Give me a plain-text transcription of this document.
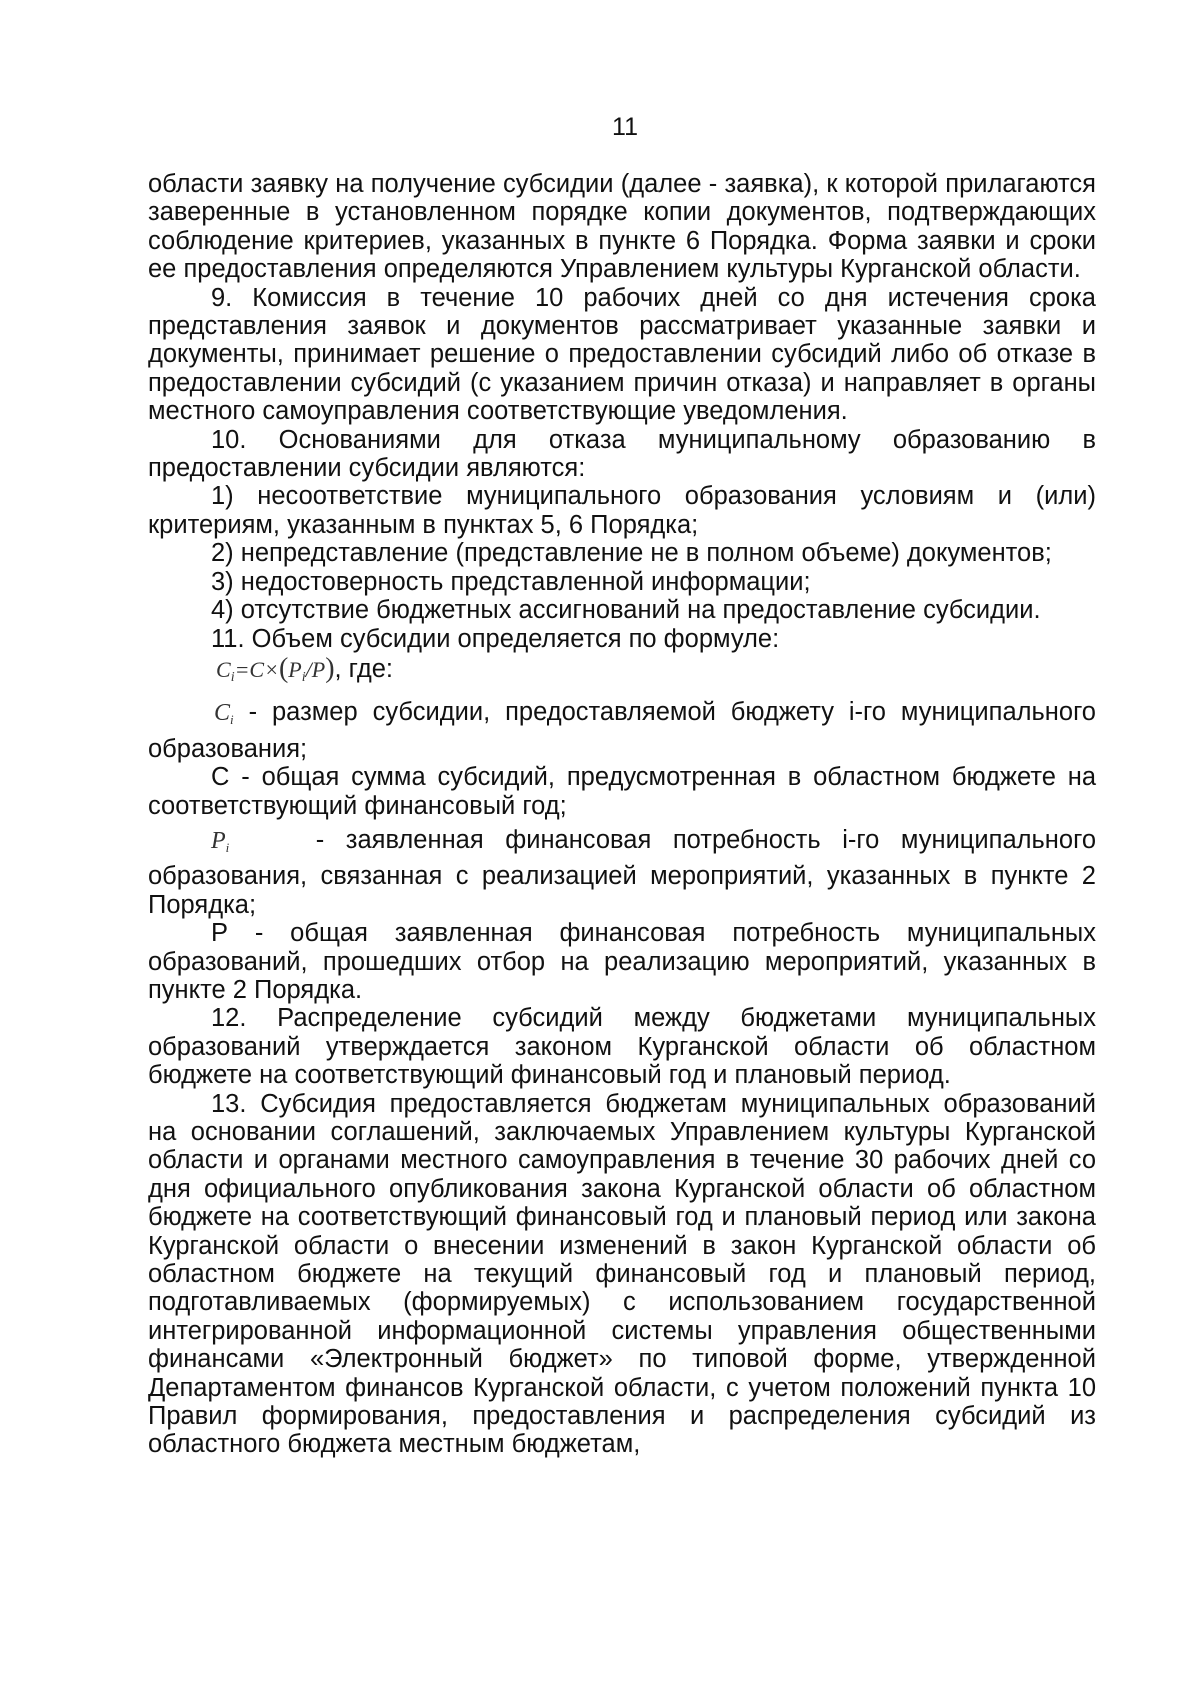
11

области заявку на получение субсидии (далее - заявка), к которой прилагаются заверенные в установленном порядке копии документов, подтверждающих соблюдение критериев, указанных в пункте 6 Порядка. Форма заявки и сроки ее предоставления определяются Управлением культуры Курганской области.

9. Комиссия в течение 10 рабочих дней со дня истечения срока представления заявок и документов рассматривает указанные заявки и документы, принимает решение о предоставлении субсидий либо об отказе в предоставлении субсидий (с указанием причин отказа) и направляет в органы местного самоуправления соответствующие уведомления.

10. Основаниями для отказа муниципальному образованию в предоставлении субсидии являются:

1) несоответствие муниципального образования условиям и (или) критериям, указанным в пунктах 5, 6 Порядка;

2) непредставление (представление не в полном объеме) документов;

3) недостоверность представленной информации;

4) отсутствие бюджетных ассигнований на предоставление субсидии.

11. Объем субсидии определяется по формуле:

$C_i=C\times(P_i/P)$ , где:

$C_i$ - размер субсидии, предоставляемой бюджету i-го муниципального образования;

С - общая сумма субсидий, предусмотренная в областном бюджете на соответствующий финансовый год;

$P_i$	- заявленная финансовая потребность i-го муниципального образования, связанная с реализацией мероприятий, указанных в пункте 2 Порядка;

Р - общая заявленная финансовая потребность муниципальных образований, прошедших отбор на реализацию мероприятий, указанных в пункте 2 Порядка.

12. Распределение субсидий между бюджетами муниципальных образований утверждается законом Курганской области об областном бюджете на соответствующий финансовый год и плановый период.

13. Субсидия предоставляется бюджетам муниципальных образований на основании соглашений, заключаемых Управлением культуры Курганской области и органами местного самоуправления в течение 30 рабочих дней со дня официального опубликования закона Курганской области об областном бюджете на соответствующий финансовый год и плановый период или закона Курганской области о внесении изменений в закон Курганской области об областном бюджете на текущий финансовый год и плановый период, подготавливаемых (формируемых) с использованием государственной интегрированной информационной системы управления общественными финансами «Электронный бюджет» по типовой форме, утвержденной Департаментом финансов Курганской области, с учетом положений пункта 10 Правил формирования, предоставления и распределения субсидий из областного бюджета местным бюджетам,
